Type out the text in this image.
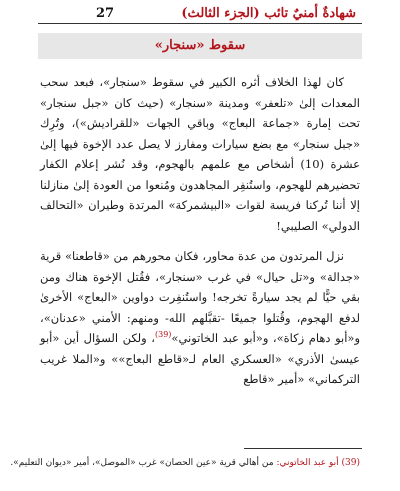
شهادةٌ أمنيٌ تائب (الجزء الثالث)
27
سقوط «سنجار»

كان لهذا الخلاف أثره الكبير في سقوط «سنجار»، فبعد سحب المعدات إلىٰ «تلعفر» ومدينة «سنجار» (حيث كان «جبل سنجار» تحت إمارة «جماعة البعاج» وباقي الجهات «للقراديش»)، وتُرِك «جبل سنجار» مع بضع سيارات ومفارز لا يصل عدد الإخوة فيها إلىٰ عشرة (10) أشخاص مع علمهم بالهجوم، وقد نُشر إعلام الكفار تحضيرهم للهجوم، واستُنفِر المجاهدون ومُنعوا من العودة إلىٰ منازلنا إلا أننا تُركنا فريسة لقوات «البيشمركة» المرتدة وطيران «التحالف الدولي» الصليبي!

نزل المرتدون من عدة محاور، فكان محورهم من «قاطعنا» قرية «جدالة» و«تل حيال» في غرب «سنجار»، فقُتل الإخوة هناك ومن بقي حيًّا لم يجد سيارةً تخرجه! واستُنفِرت دواوين «البعاج» الأخرىٰ لدفع الهجوم، وقُتلوا جميعًا -تقبَّلهم الله- ومنهم: الأمني «عدنان»، و«أبو دهام زكاة»، و«أبو عبد الخاتوني»$^{(39)}$، ولكن السؤال أين «أبو عيسىٰ الأذري» «العسكري العام لـ«قاطع البعاج»» و«الملا غريب التركماني» «أمير «قاطع

(39) أبو عبد الخاتوني: من أهالي قرية «عين الحصان» غرب «الموصل»، أمير «ديوان التعليم».
